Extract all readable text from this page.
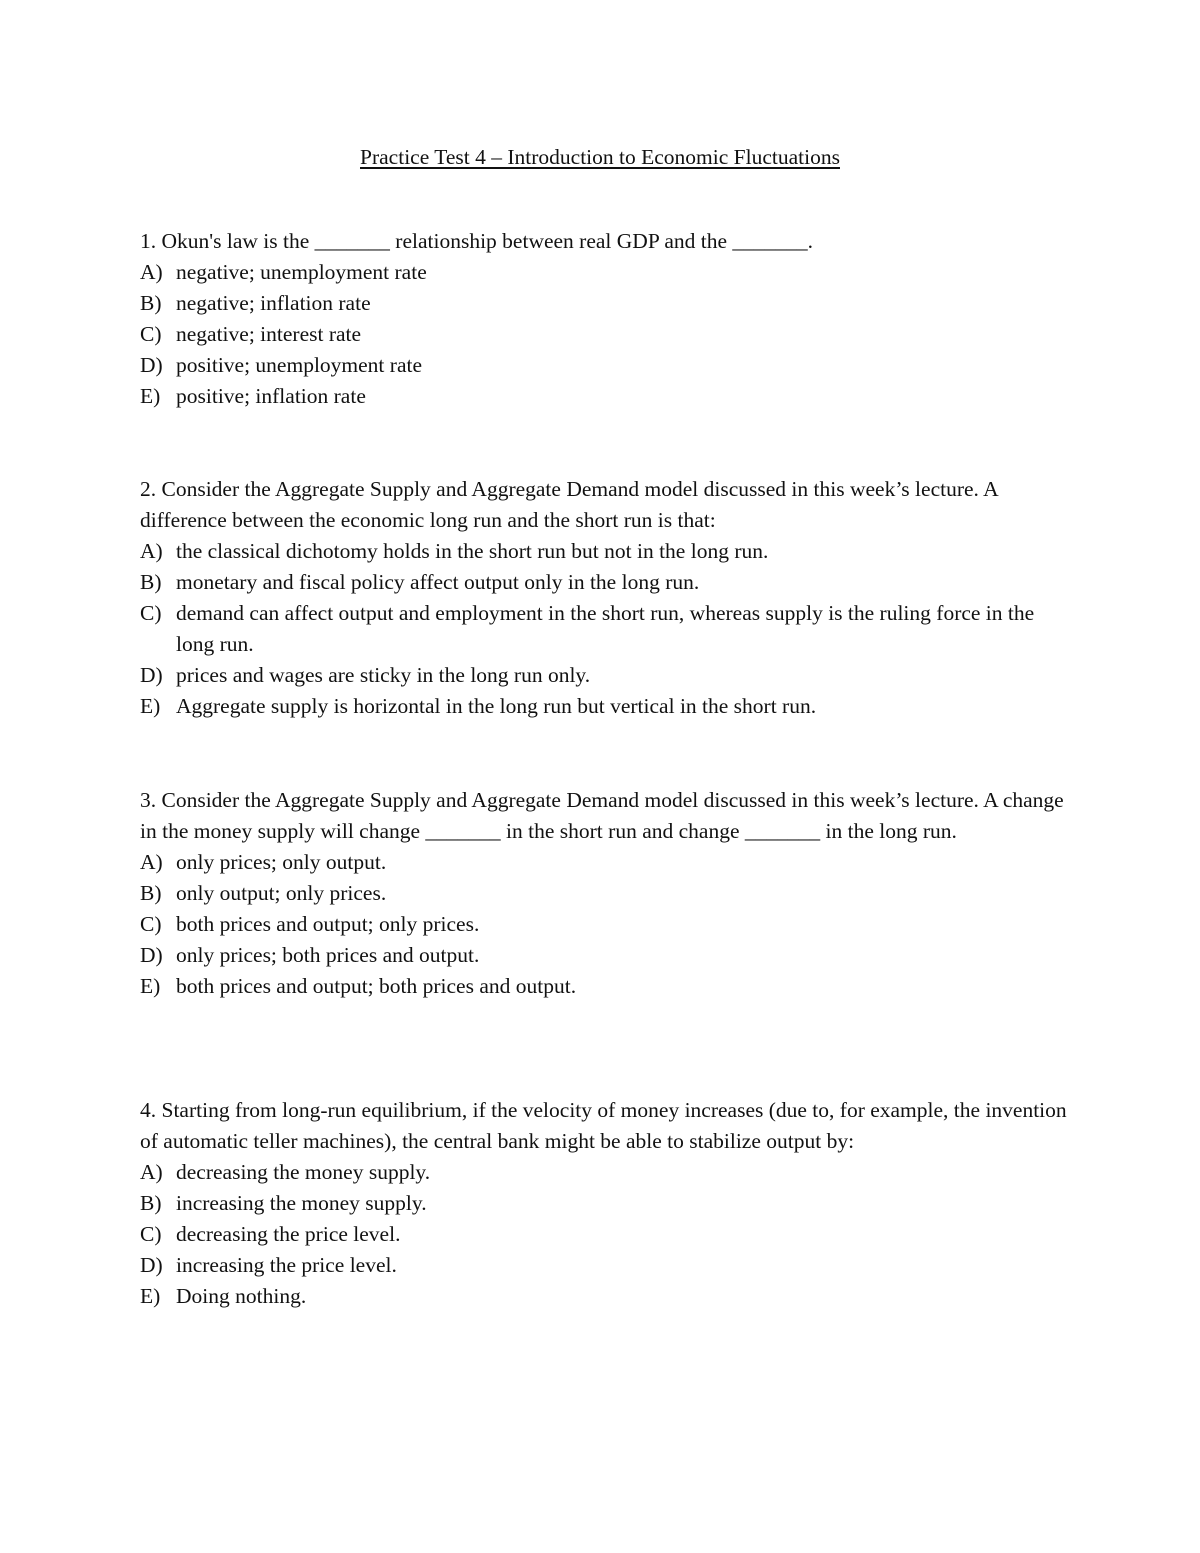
Practice Test 4 – Introduction to Economic Fluctuations

1. Okun's law is the _______ relationship between real GDP and the _______.

A) negative; unemployment rate
B) negative; inflation rate
C) negative; interest rate
D) positive; unemployment rate
E) positive; inflation rate

2. Consider the Aggregate Supply and Aggregate Demand model discussed in this week’s lecture. A difference between the economic long run and the short run is that:

A) the classical dichotomy holds in the short run but not in the long run.
B) monetary and fiscal policy affect output only in the long run.
C) demand can affect output and employment in the short run, whereas supply is the ruling force in the long run.
D) prices and wages are sticky in the long run only.
E) Aggregate supply is horizontal in the long run but vertical in the short run.

3. Consider the Aggregate Supply and Aggregate Demand model discussed in this week’s lecture. A change in the money supply will change _______ in the short run and change _______ in the long run.

A) only prices; only output.
B) only output; only prices.
C) both prices and output; only prices.
D) only prices; both prices and output.
E) both prices and output; both prices and output.

4. Starting from long-run equilibrium, if the velocity of money increases (due to, for example, the invention of automatic teller machines), the central bank might be able to stabilize output by:

A) decreasing the money supply.
B) increasing the money supply.
C) decreasing the price level.
D) increasing the price level.
E) Doing nothing.
